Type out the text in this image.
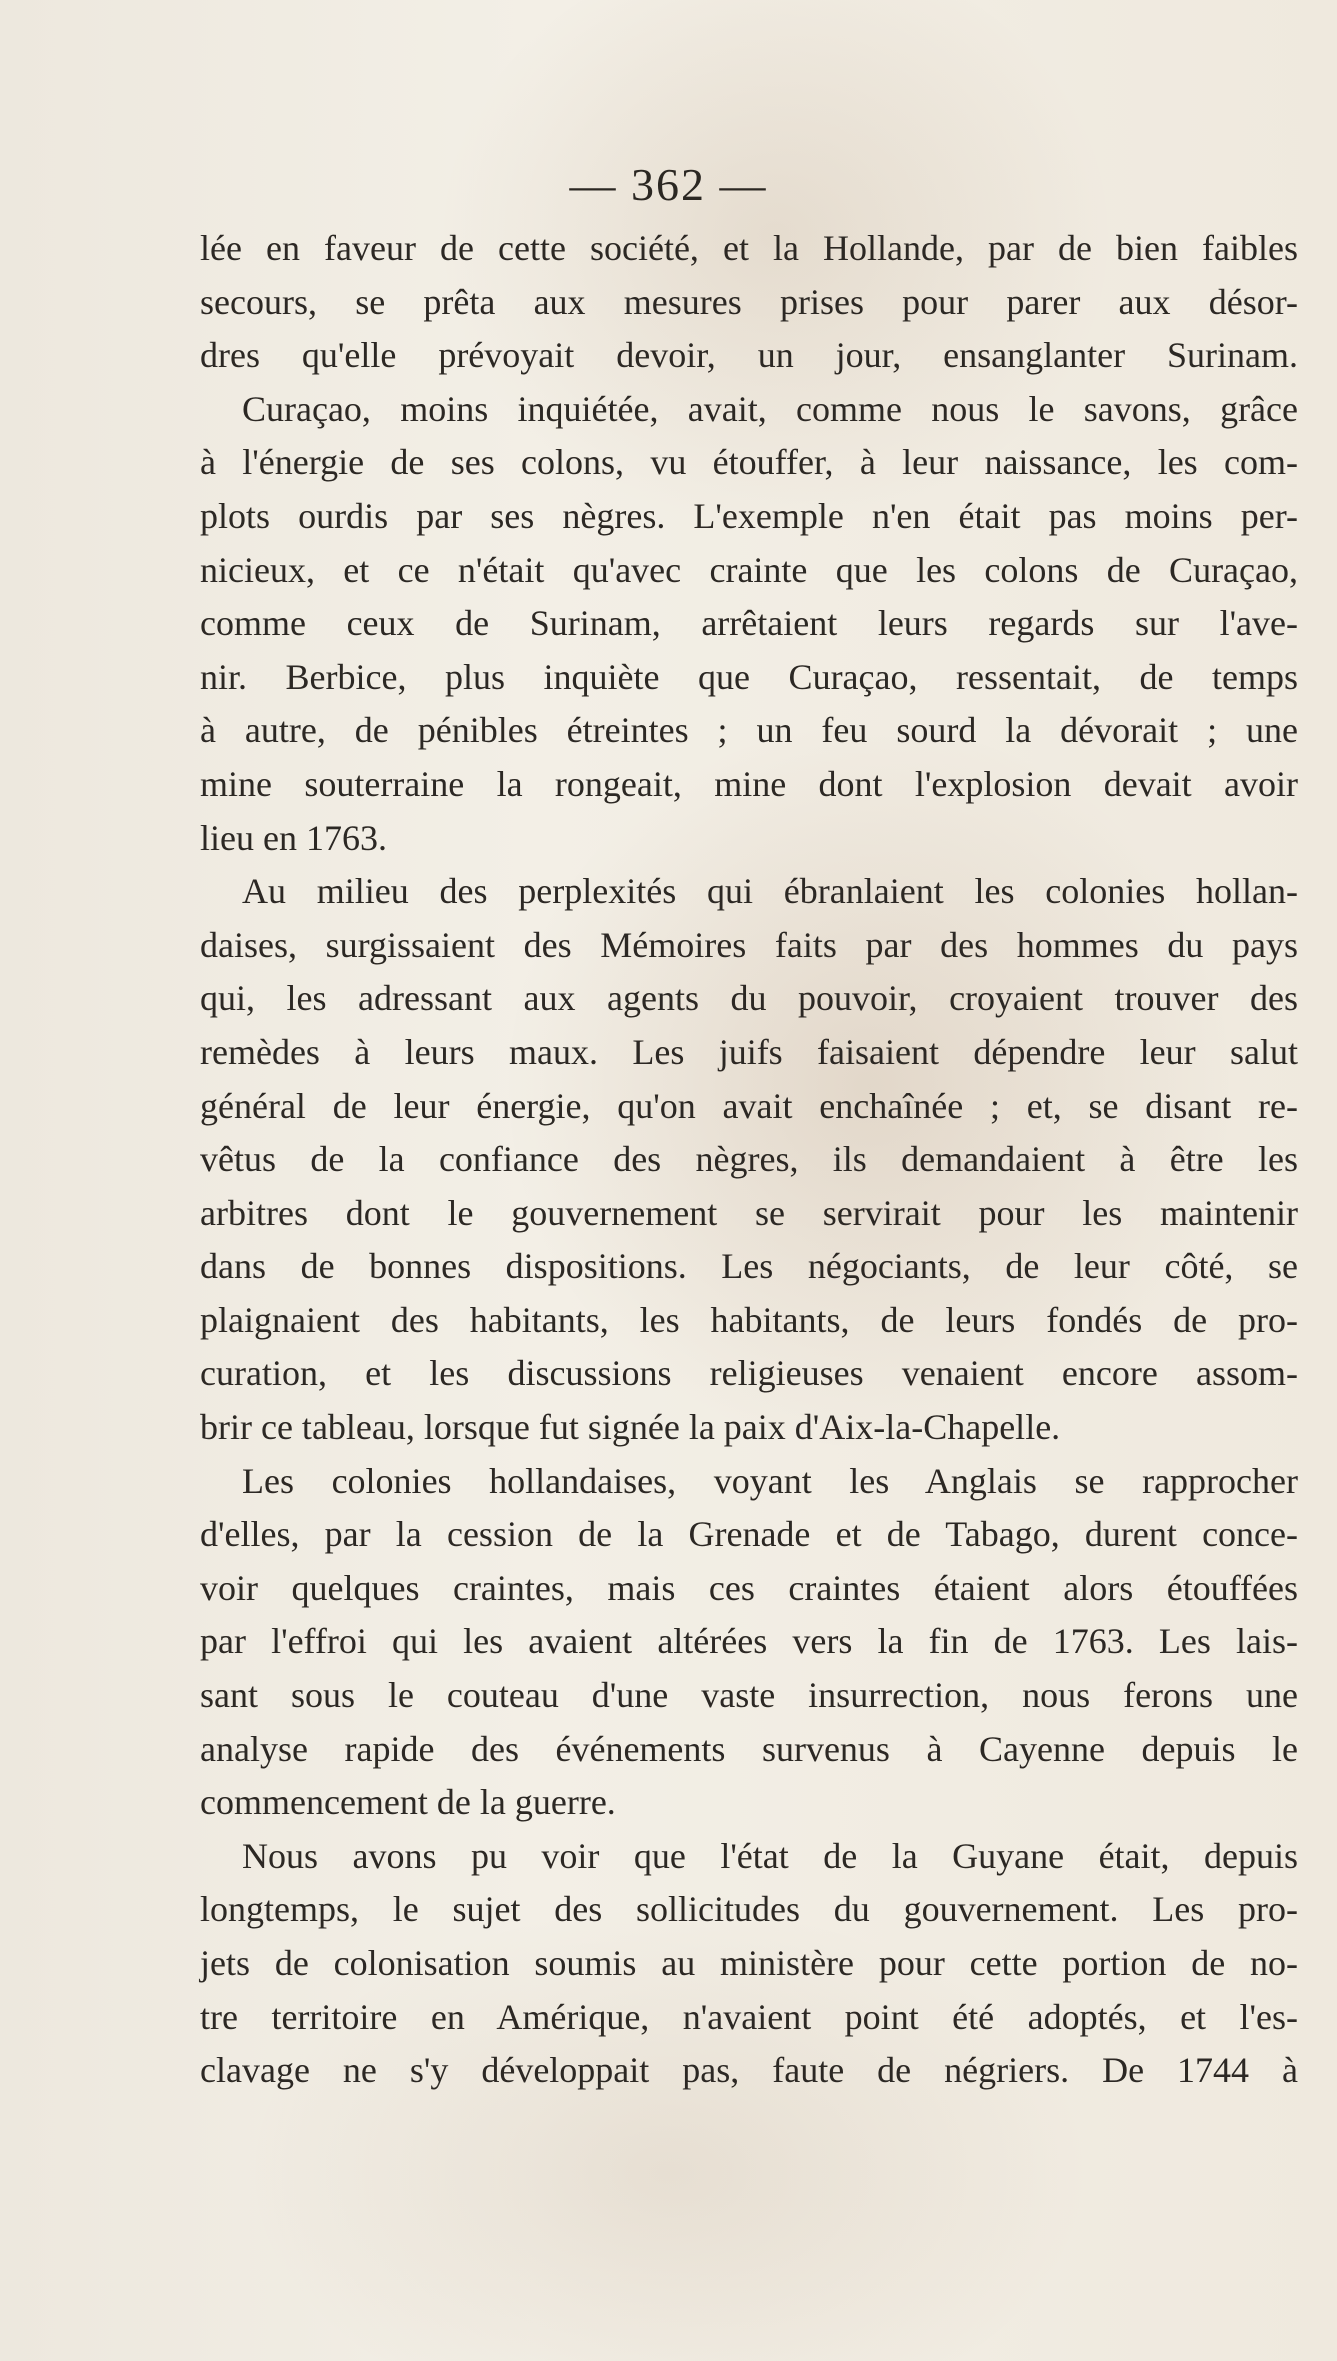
— 362 —
lée en faveur de cette société, et la Hollande, par de bien faibles
secours, se prêta aux mesures prises pour parer aux désor-
dres qu'elle prévoyait devoir, un jour, ensanglanter Surinam.
Curaçao, moins inquiétée, avait, comme nous le savons, grâce
à l'énergie de ses colons, vu étouffer, à leur naissance, les com-
plots ourdis par ses nègres. L'exemple n'en était pas moins per-
nicieux, et ce n'était qu'avec crainte que les colons de Curaçao,
comme ceux de Surinam, arrêtaient leurs regards sur l'ave-
nir. Berbice, plus inquiète que Curaçao, ressentait, de temps
à autre, de pénibles étreintes ; un feu sourd la dévorait ; une
mine souterraine la rongeait, mine dont l'explosion devait avoir
lieu en 1763.
Au milieu des perplexités qui ébranlaient les colonies hollan-
daises, surgissaient des Mémoires faits par des hommes du pays
qui, les adressant aux agents du pouvoir, croyaient trouver des
remèdes à leurs maux. Les juifs faisaient dépendre leur salut
général de leur énergie, qu'on avait enchaînée ; et, se disant re-
vêtus de la confiance des nègres, ils demandaient à être les
arbitres dont le gouvernement se servirait pour les maintenir
dans de bonnes dispositions. Les négociants, de leur côté, se
plaignaient des habitants, les habitants, de leurs fondés de pro-
curation, et les discussions religieuses venaient encore assom-
brir ce tableau, lorsque fut signée la paix d'Aix-la-Chapelle.
Les colonies hollandaises, voyant les Anglais se rapprocher
d'elles, par la cession de la Grenade et de Tabago, durent conce-
voir quelques craintes, mais ces craintes étaient alors étouffées
par l'effroi qui les avaient altérées vers la fin de 1763. Les lais-
sant sous le couteau d'une vaste insurrection, nous ferons une
analyse rapide des événements survenus à Cayenne depuis le
commencement de la guerre.
Nous avons pu voir que l'état de la Guyane était, depuis
longtemps, le sujet des sollicitudes du gouvernement. Les pro-
jets de colonisation soumis au ministère pour cette portion de no-
tre territoire en Amérique, n'avaient point été adoptés, et l'es-
clavage ne s'y développait pas, faute de négriers. De 1744 à
